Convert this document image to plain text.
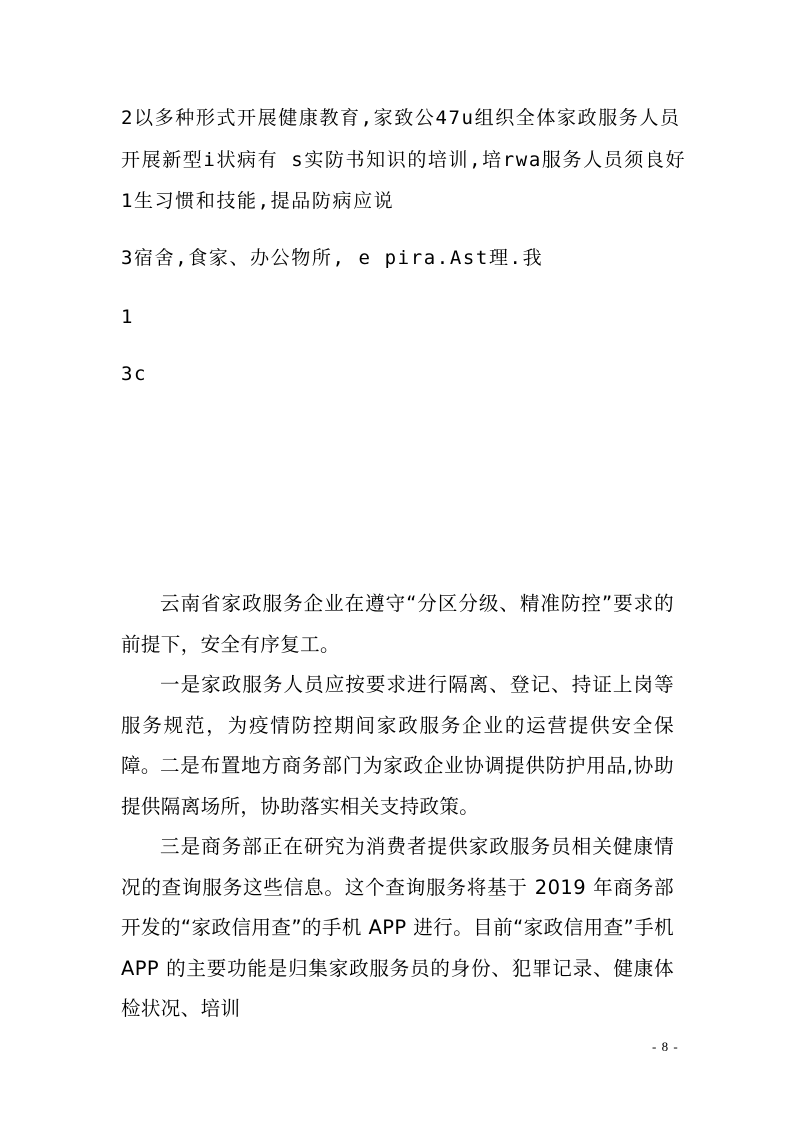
2以多种形式开展健康教育,家致公47u组织全体家政服务人员开展新型i状病有 s实防书知识的培训,培rwa服务人员须良好1生习惯和技能,提品防病应说
3宿舍,食家、办公物所, e pira.Ast理.我
1
3c
云南省家政服务企业在遵守“分区分级、精准防控”要求的前提下，安全有序复工。
一是家政服务人员应按要求进行隔离、登记、持证上岗等服务规范，为疫情防控期间家政服务企业的运营提供安全保障。 二是布置地方商务部门为家政企业协调提供防护用品,协助提供隔离场所，协助落实相关支持政策。
三是商务部正在研究为消费者提供家政服务员相关健康情况的查询服务这些信息。这个查询服务将基于 2019 年商务部开发的“家政信用查”的手机 APP 进行。目前“家政信用查”手机 APP 的主要功能是归集家政服务员的身份、犯罪记录、健康体检状况、培训
- 8 -
